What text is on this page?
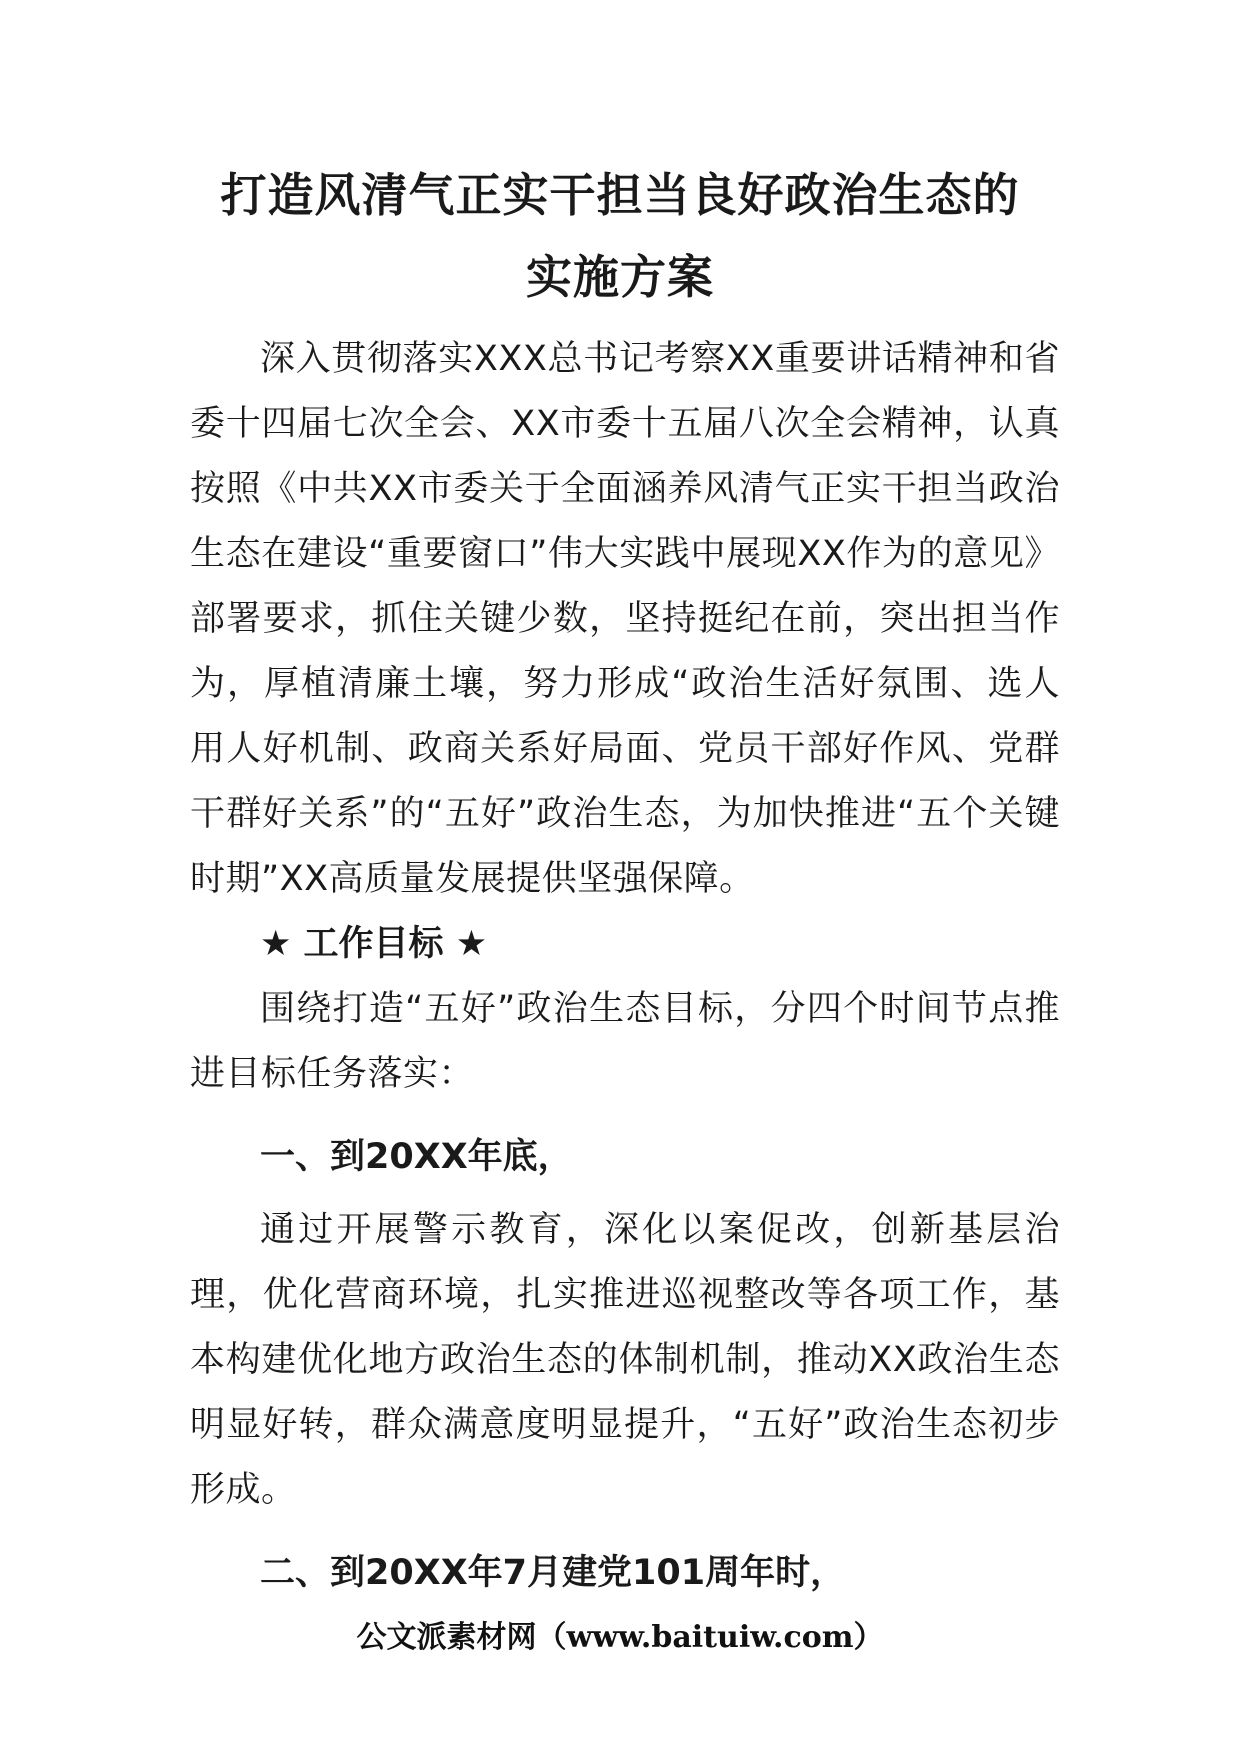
打造风清气正实干担当良好政治生态的
实施方案

深入贯彻落实XXX总书记考察XX重要讲话精神和省委十四届七次全会、XX市委十五届八次全会精神，认真按照《中共XX市委关于全面涵养风清气正实干担当政治生态在建设“重要窗口”伟大实践中展现XX作为的意见》部署要求，抓住关键少数，坚持挺纪在前，突出担当作为，厚植清廉土壤，努力形成“政治生活好氛围、选人用人好机制、政商关系好局面、党员干部好作风、党群干群好关系”的“五好”政治生态，为加快推进“五个关键时期”XX高质量发展提供坚强保障。

★ 工作目标 ★

围绕打造“五好”政治生态目标，分四个时间节点推进目标任务落实：

一、到20XX年底，

通过开展警示教育，深化以案促改，创新基层治理，优化营商环境，扎实推进巡视整改等各项工作，基本构建优化地方政治生态的体制机制，推动XX政治生态明显好转，群众满意度明显提升，“五好”政治生态初步形成。

二、到20XX年7月建党101周年时，

公文派素材网（www.baituiw.com）
